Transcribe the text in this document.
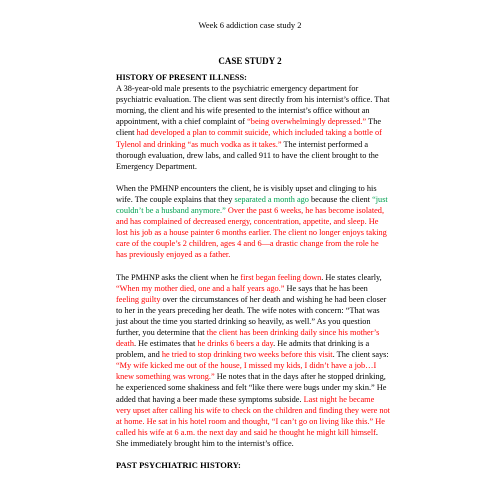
Week 6 addiction case study 2
CASE STUDY 2

HISTORY OF PRESENT ILLNESS:
A 38-year-old male presents to the psychiatric emergency department for psychiatric evaluation. The client was sent directly from his internist’s office. That morning, the client and his wife presented to the internist’s office without an appointment, with a chief complaint of “being overwhelmingly depressed.” The client had developed a plan to commit suicide, which included taking a bottle of Tylenol and drinking “as much vodka as it takes.” The internist performed a thorough evaluation, drew labs, and called 911 to have the client brought to the Emergency Department.

When the PMHNP encounters the client, he is visibly upset and clinging to his wife. The couple explains that they separated a month ago because the client “just couldn’t be a husband anymore.” Over the past 6 weeks, he has become isolated, and has complained of decreased energy, concentration, appetite, and sleep. He lost his job as a house painter 6 months earlier. The client no longer enjoys taking care of the couple’s 2 children, ages 4 and 6—a drastic change from the role he has previously enjoyed as a father.

The PMHNP asks the client when he first began feeling down. He states clearly, “When my mother died, one and a half years ago.” He says that he has been feeling guilty over the circumstances of her death and wishing he had been closer to her in the years preceding her death. The wife notes with concern: “That was just about the time you started drinking so heavily, as well.” As you question further, you determine that the client has been drinking daily since his mother’s death. He estimates that he drinks 6 beers a day. He admits that drinking is a problem, and he tried to stop drinking two weeks before this visit. The client says: “My wife kicked me out of the house, I missed my kids, I didn’t have a job…I knew something was wrong.” He notes that in the days after he stopped drinking, he experienced some shakiness and felt “like there were bugs under my skin.” He added that having a beer made these symptoms subside. Last night he became very upset after calling his wife to check on the children and finding they were not at home. He sat in his hotel room and thought, “I can’t go on living like this.” He called his wife at 6 a.m. the next day and said he thought he might kill himself. She immediately brought him to the internist’s office.

PAST PSYCHIATRIC HISTORY:
